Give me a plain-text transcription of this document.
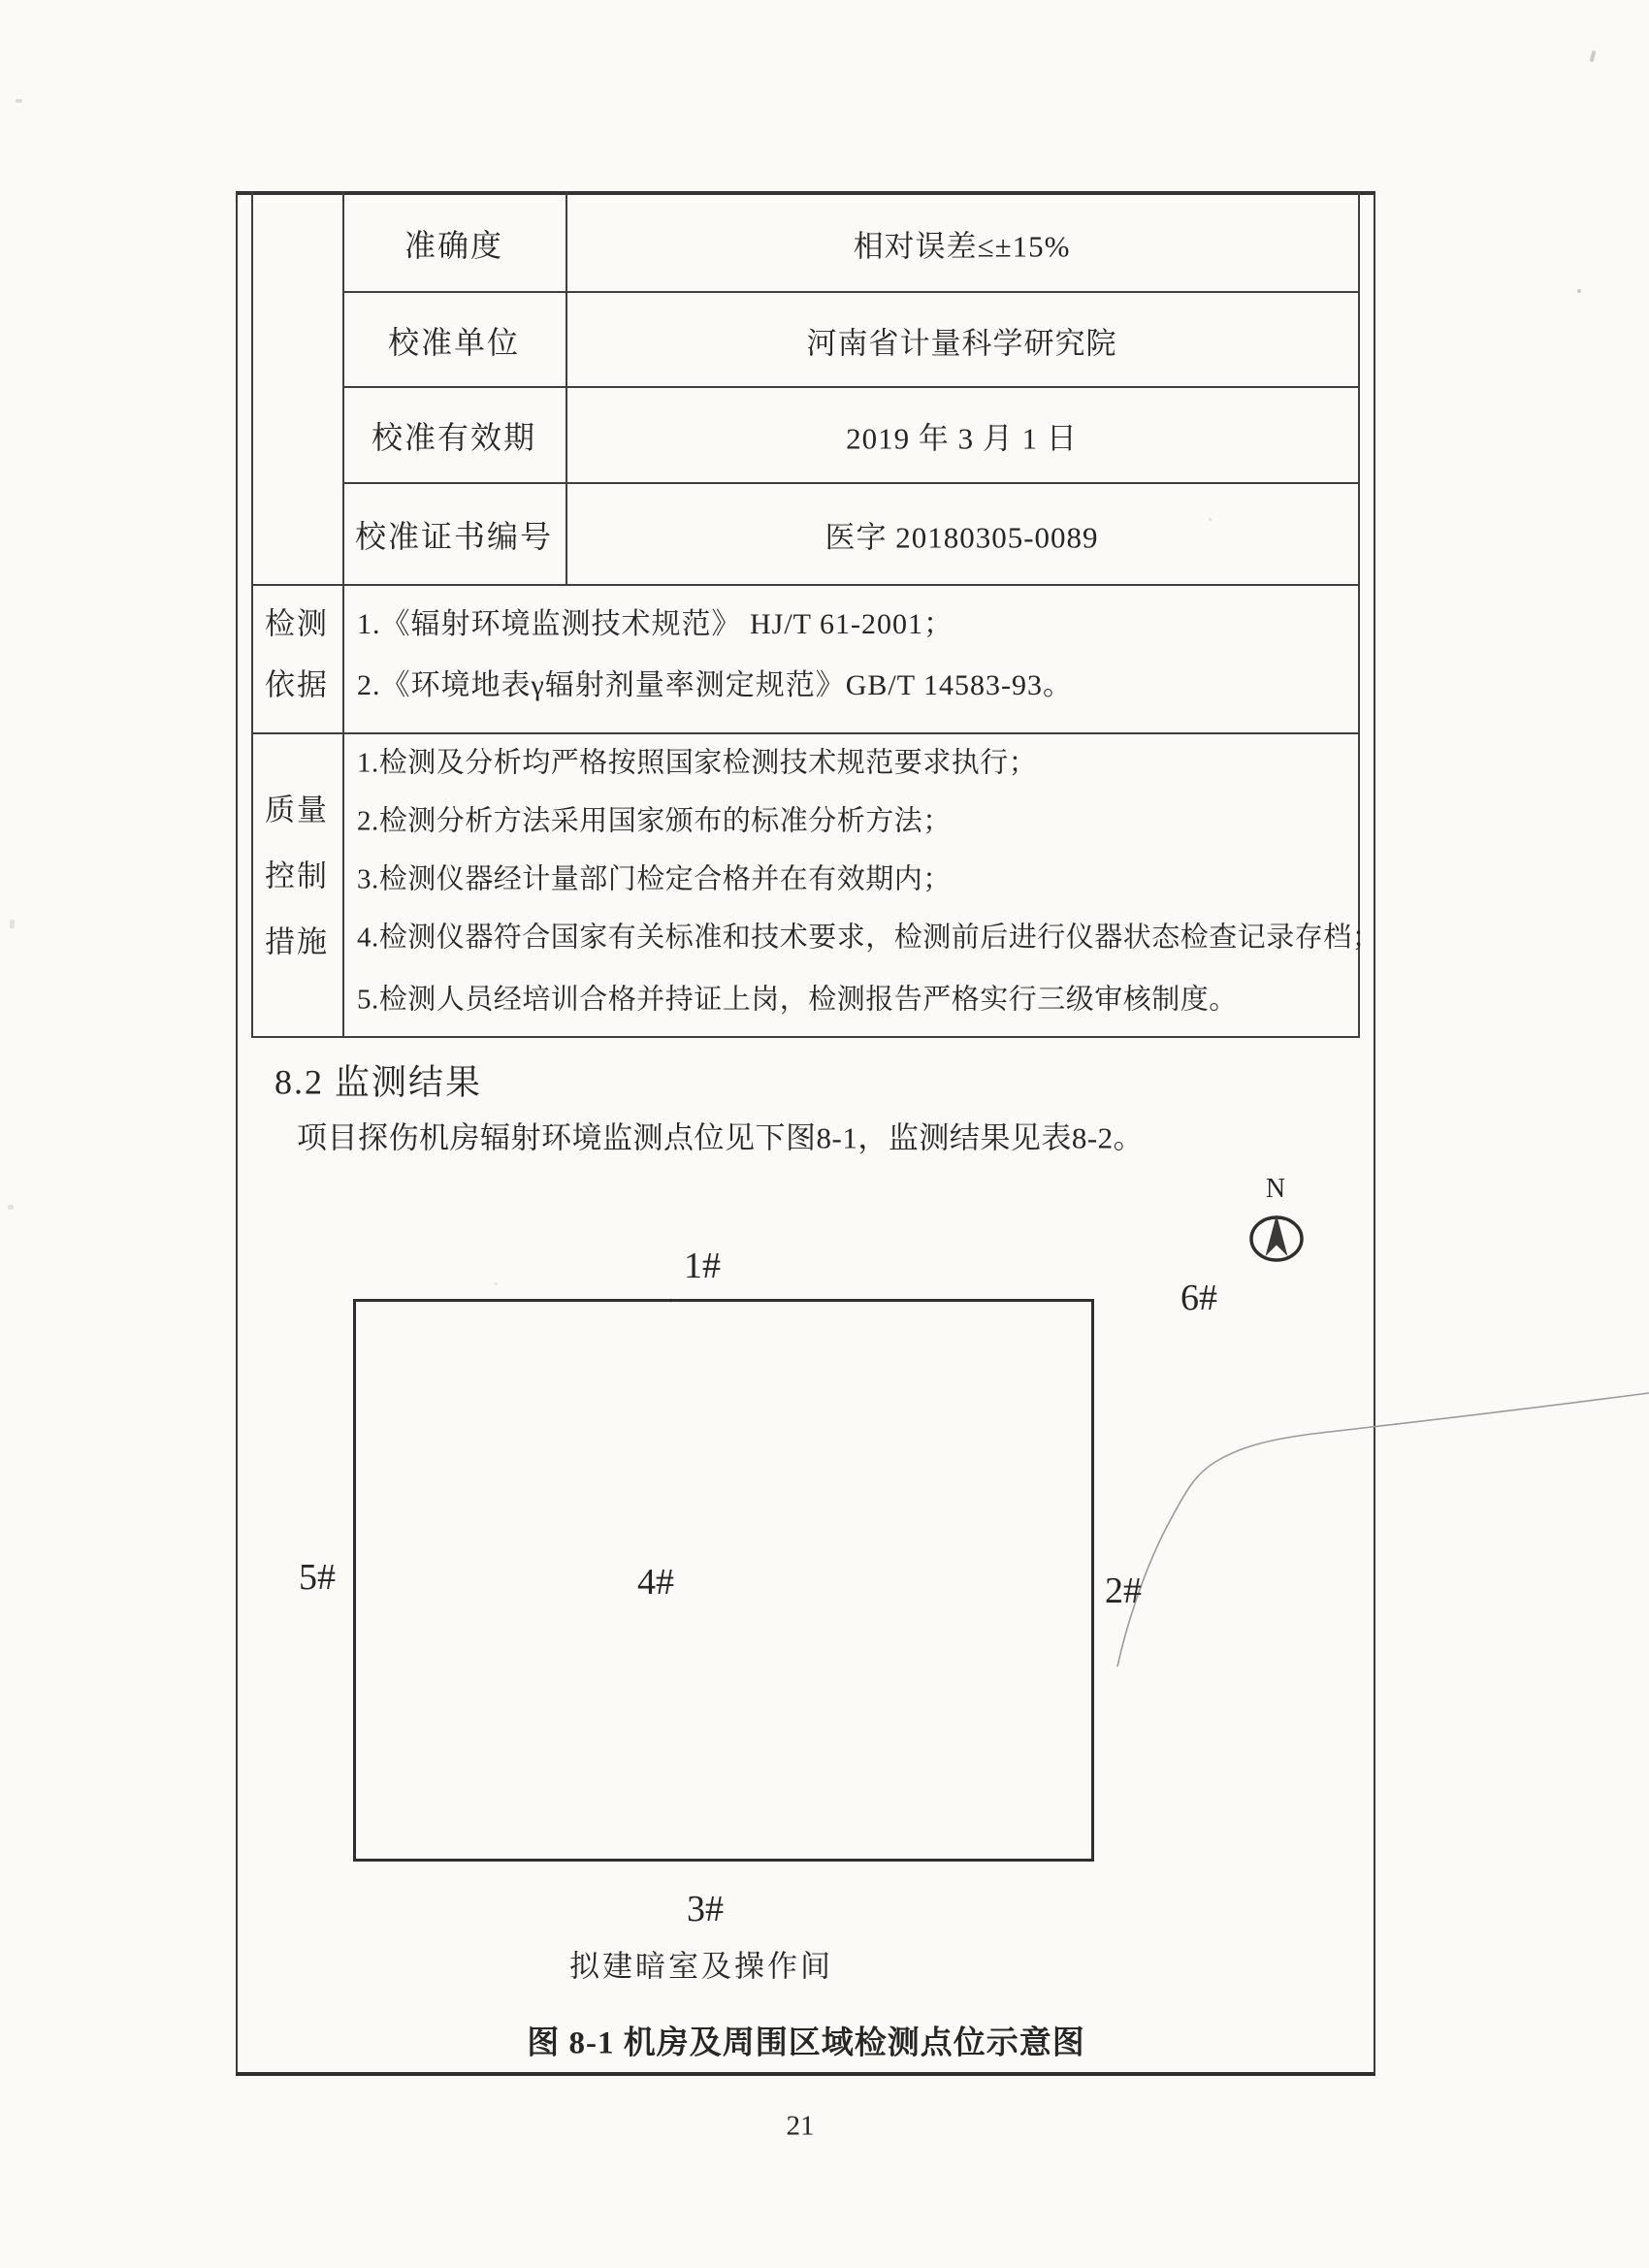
准确度
校准单位
校准有效期
校准证书编号
相对误差≤±15%
河南省计量科学研究院
2019 年 3 月 1 日
医字 20180305-0089
检测
依据
1.《辐射环境监测技术规范》 HJ/T 61-2001；
2.《环境地表γ辐射剂量率测定规范》GB/T 14583-93。
质量
控制
措施
1.检测及分析均严格按照国家检测技术规范要求执行；
2.检测分析方法采用国家颁布的标准分析方法；
3.检测仪器经计量部门检定合格并在有效期内；
4.检测仪器符合国家有关标准和技术要求，检测前后进行仪器状态检查记录存档；
5.检测人员经培训合格并持证上岗，检测报告严格实行三级审核制度。
8.2 监测结果
项目探伤机房辐射环境监测点位见下图8-1，监测结果见表8-2。
N
1#
2#
3#
4#
5#
6#
拟建暗室及操作间
图 8-1 机房及周围区域检测点位示意图
21
